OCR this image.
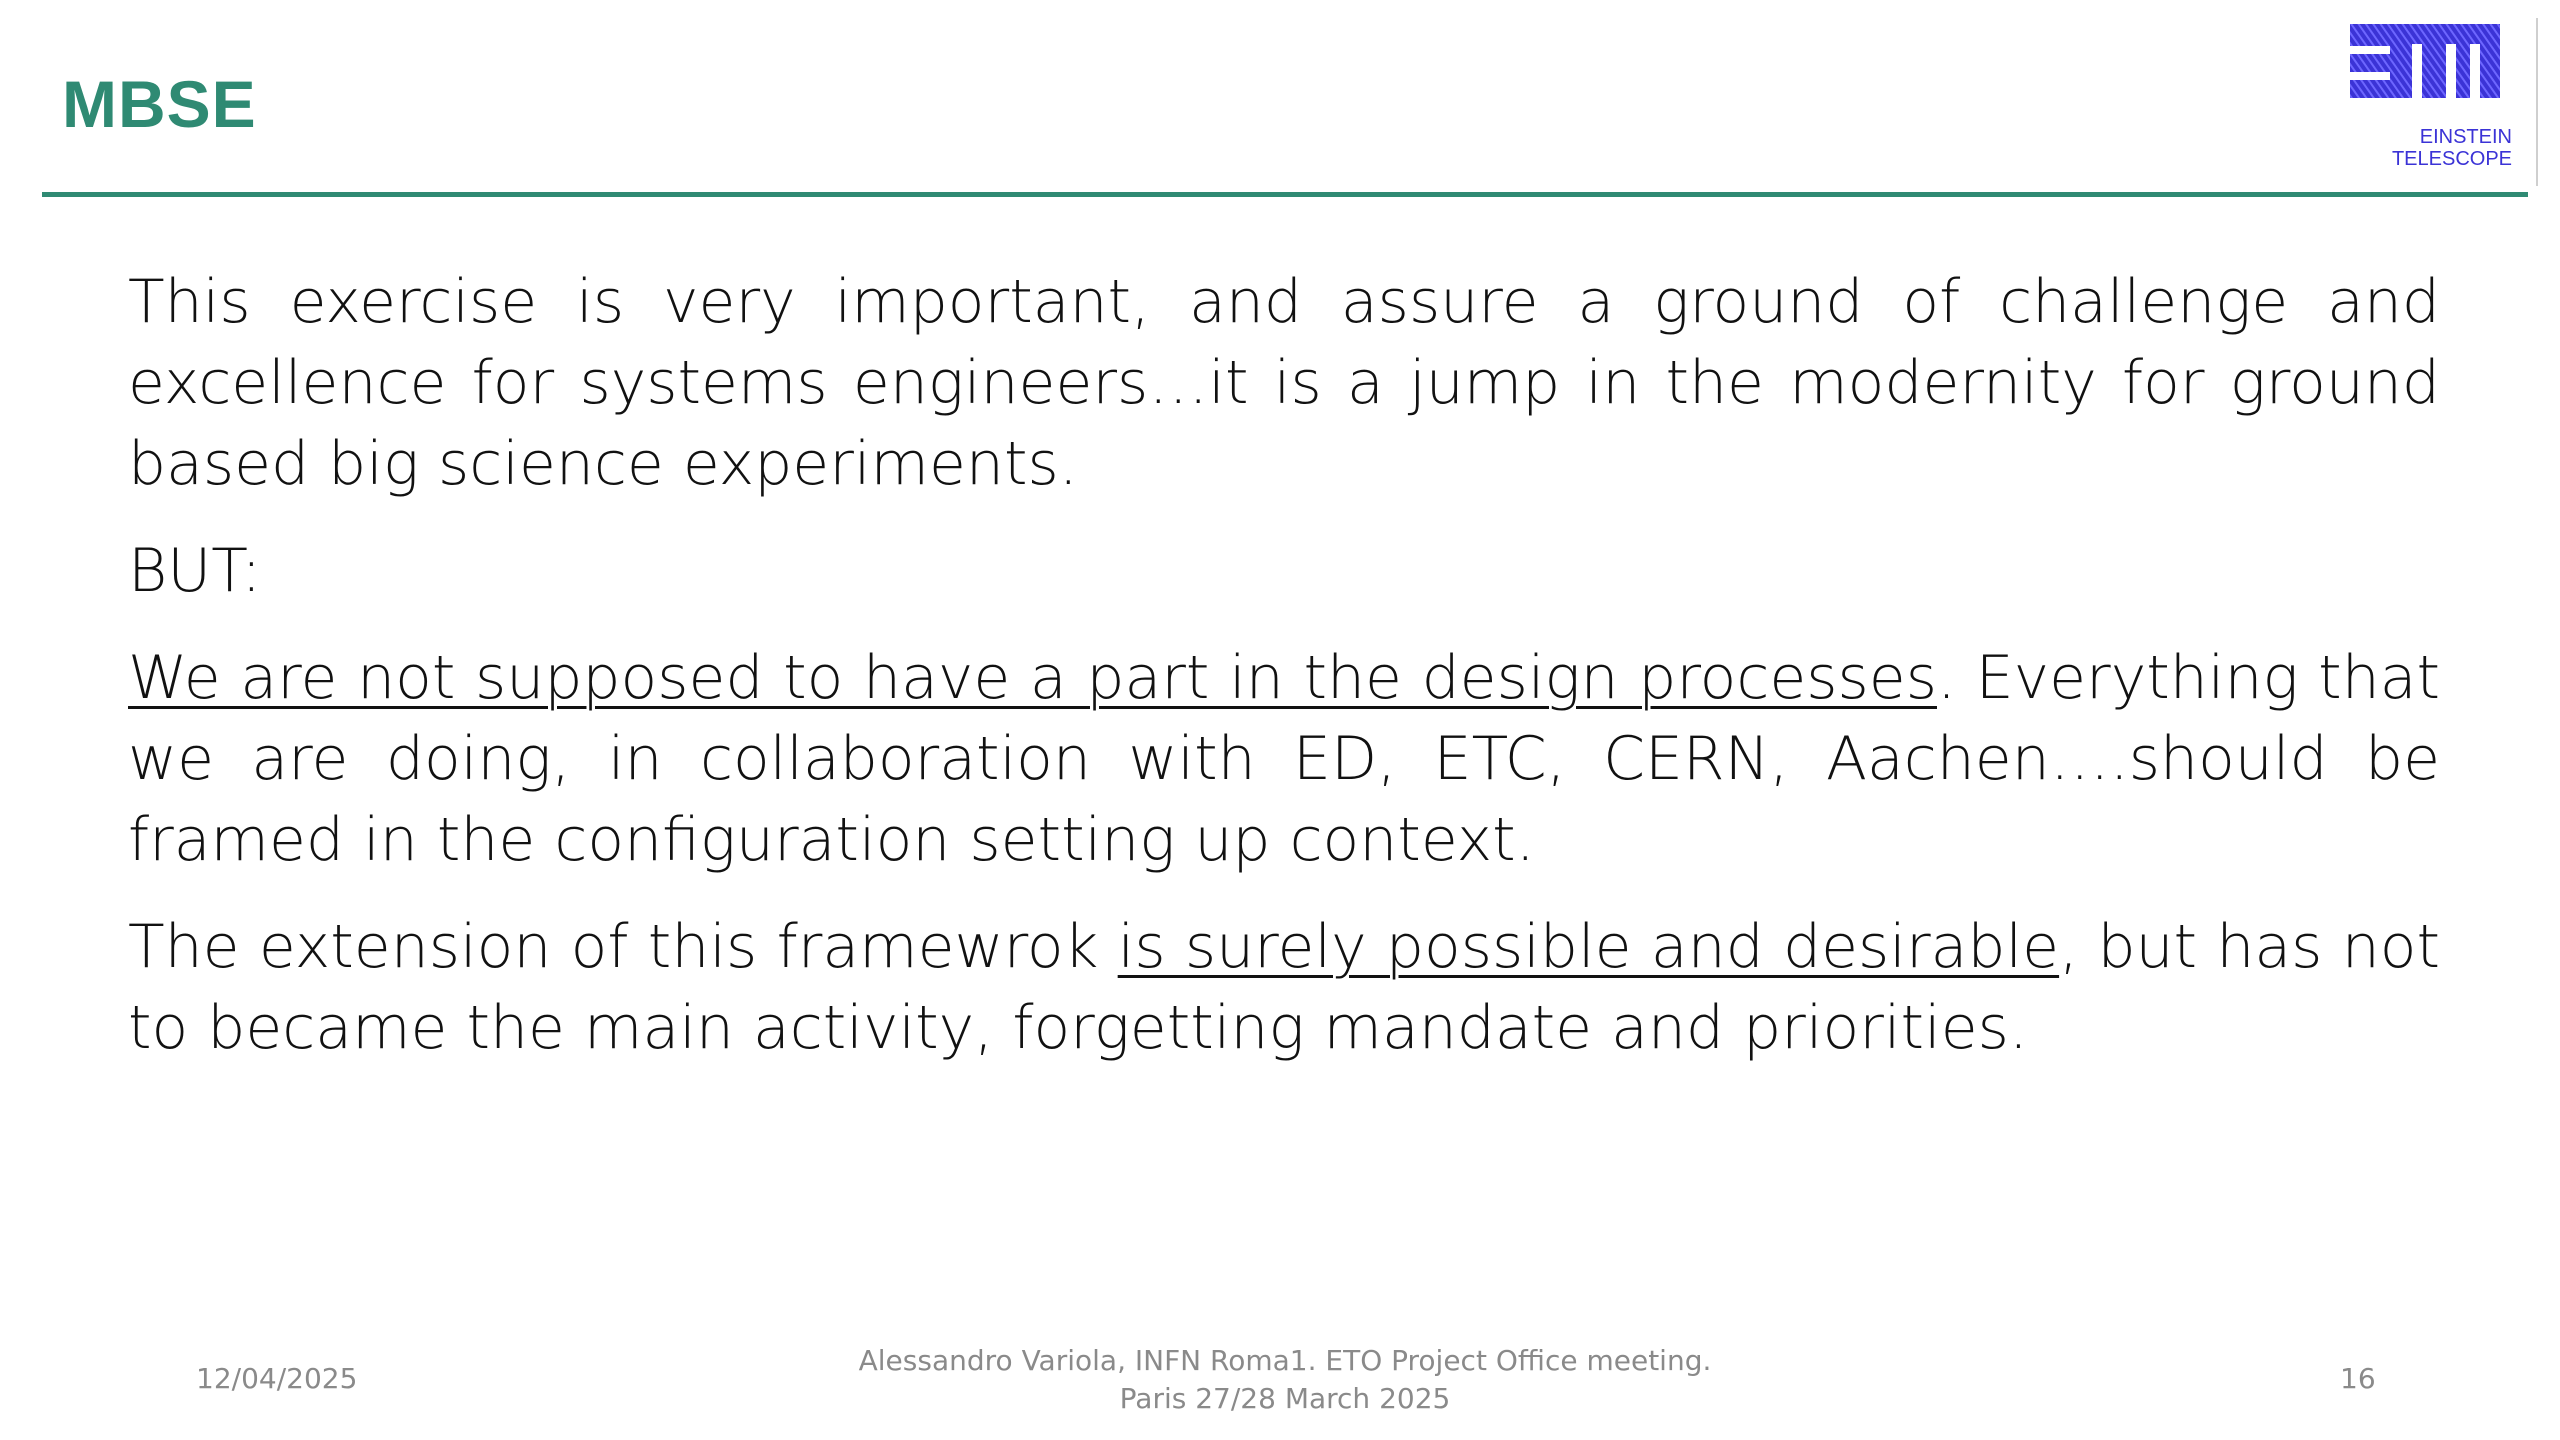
MBSE	EINSTEIN
TELESCOPE

This exercise is very important, and assure a ground of challenge and excellence for systems engineers…it is a jump in the modernity for ground based big science experiments.

BUT:

We are not supposed to have a part in the design processes. Everything that we are doing, in collaboration with ED, ETC, CERN, Aachen….should be framed in the configuration setting up context.

The extension of this framewrok is surely possible and desirable, but has not to became the main activity, forgetting mandate and priorities.

12/04/2025
Alessandro Variola, INFN Roma1. ETO Project Office meeting.
Paris 27/28 March 2025
16
